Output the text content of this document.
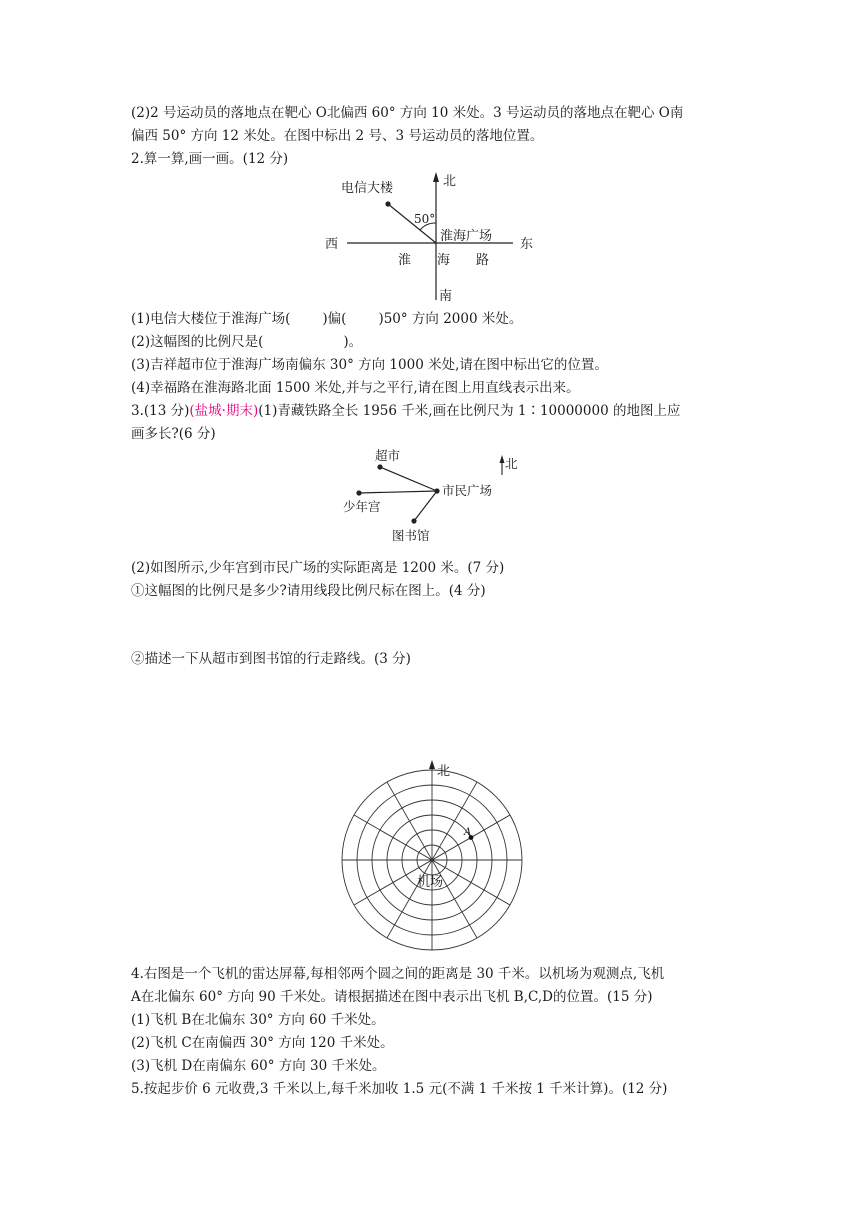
(2)2 号运动员的落地点在靶心 O北偏西 60° 方向 10 米处。3 号运动员的落地点在靶心 O南
偏西 50° 方向 12 米处。在图中标出 2 号、3 号运动员的落地位置。
2.算一算,画一画。(12 分)
北
电信大楼
50°
淮海广场
西	东
淮 海 路
南
(1)电信大楼位于淮海广场( )偏( )50° 方向 2000 米处。
(2)这幅图的比例尺是(	)。
(3)吉祥超市位于淮海广场南偏东 30° 方向 1000 米处,请在图中标出它的位置。
(4)幸福路在淮海路北面 1500 米处,并与之平行,请在图上用直线表示出来。
3.(13 分)(盐城·期末)(1)青藏铁路全长 1956 千米,画在比例尺为 1∶10000000 的地图上应
画多长?(6 分)
超市
北
市民广场
少年宫
图书馆
(2)如图所示,少年宫到市民广场的实际距离是 1200 米。(7 分)
①这幅图的比例尺是多少?请用线段比例尺标在图上。(4 分)
②描述一下从超市到图书馆的行走路线。(3 分)
北
A
机场
4.右图是一个飞机的雷达屏幕,每相邻两个圆之间的距离是 30 千米。以机场为观测点,飞机
A在北偏东 60° 方向 90 千米处。请根据描述在图中表示出飞机 B,C,D的位置。(15 分)
(1)飞机 B在北偏东 30° 方向 60 千米处。
(2)飞机 C在南偏西 30° 方向 120 千米处。
(3)飞机 D在南偏东 60° 方向 30 千米处。
5.按起步价 6 元收费,3 千米以上,每千米加收 1.5 元(不满 1 千米按 1 千米计算)。(12 分)
